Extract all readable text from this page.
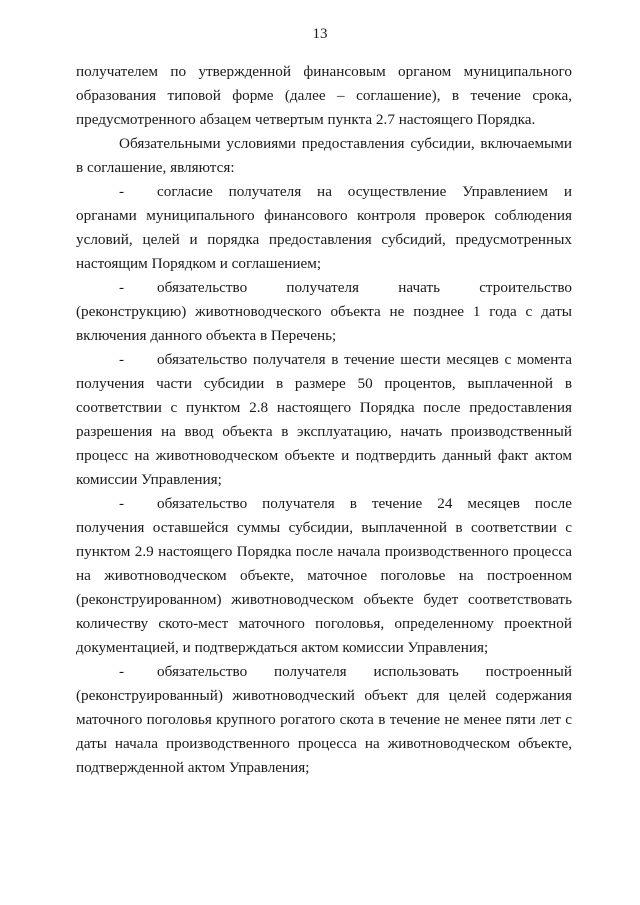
13

получателем по утвержденной финансовым органом муниципального образования типовой форме (далее – соглашение), в течение срока, предусмотренного абзацем четвертым пункта 2.7 настоящего Порядка.

Обязательными условиями предоставления субсидии, включаемыми в соглашение, являются:

- согласие получателя на осуществление Управлением и органами муниципального финансового контроля проверок соблюдения условий, целей и порядка предоставления субсидий, предусмотренных настоящим Порядком и соглашением;

- обязательство получателя начать строительство (реконструкцию) животноводческого объекта не позднее 1 года с даты включения данного объекта в Перечень;

- обязательство получателя в течение шести месяцев с момента получения части субсидии в размере 50 процентов, выплаченной в соответствии с пунктом 2.8 настоящего Порядка после предоставления разрешения на ввод объекта в эксплуатацию, начать производственный процесс на животноводческом объекте и подтвердить данный факт актом комиссии Управления;

- обязательство получателя в течение 24 месяцев после получения оставшейся суммы субсидии, выплаченной в соответствии с пунктом 2.9 настоящего Порядка после начала производственного процесса на животноводческом объекте, маточное поголовье на построенном (реконструированном) животноводческом объекте будет соответствовать количеству ското-мест маточного поголовья, определенному проектной документацией, и подтверждаться актом комиссии Управления;

- обязательство получателя использовать построенный (реконструированный) животноводческий объект для целей содержания маточного поголовья крупного рогатого скота в течение не менее пяти лет с даты начала производственного процесса на животноводческом объекте, подтвержденной актом Управления;
